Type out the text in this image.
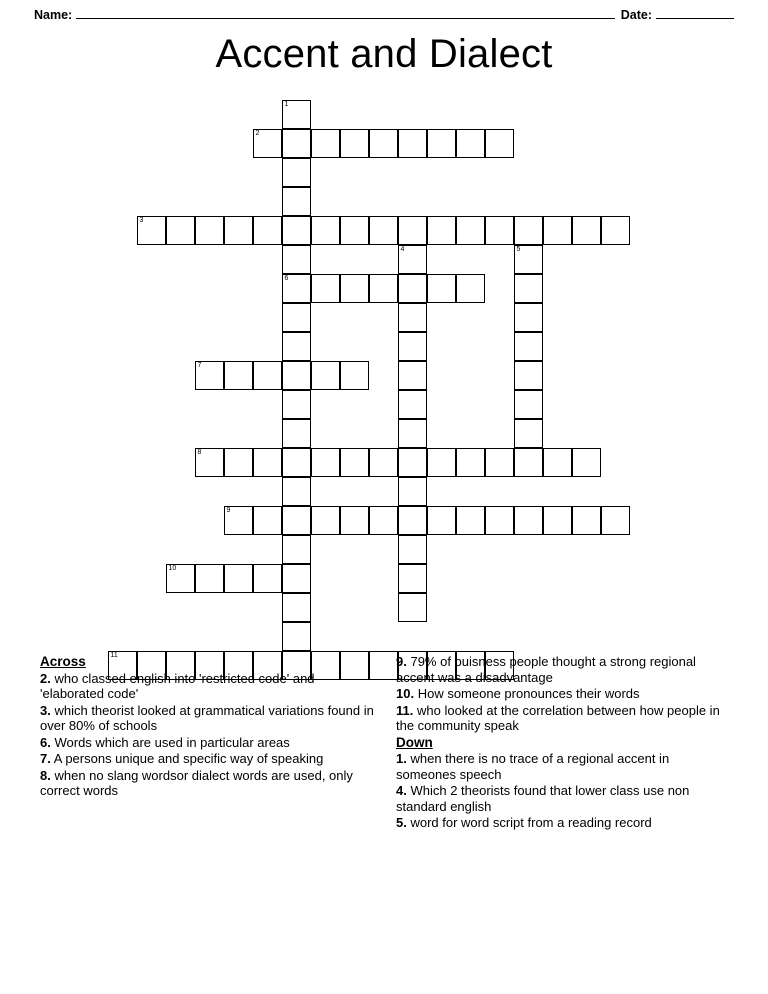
Name:	Date:
Accent and Dialect
1
6
2
3
4	5
7
8
9
10
11
Across
2. who classed english into 'restricted code' and 'elaborated code'
3. which theorist looked at grammatical variations found in over 80% of schools
6. Words which are used in particular areas
7. A persons unique and specific way of speaking
8. when no slang wordsor dialect words are used, only correct words
9. 79% of buisness people thought a strong regional accent was a disadvantage
10. How someone pronounces their words
11. who looked at the correlation between how people in the community speak
Down
1. when there is no trace of a regional accent in someones speech
4. Which 2 theorists found that lower class use non standard english
5. word for word script from a reading record
